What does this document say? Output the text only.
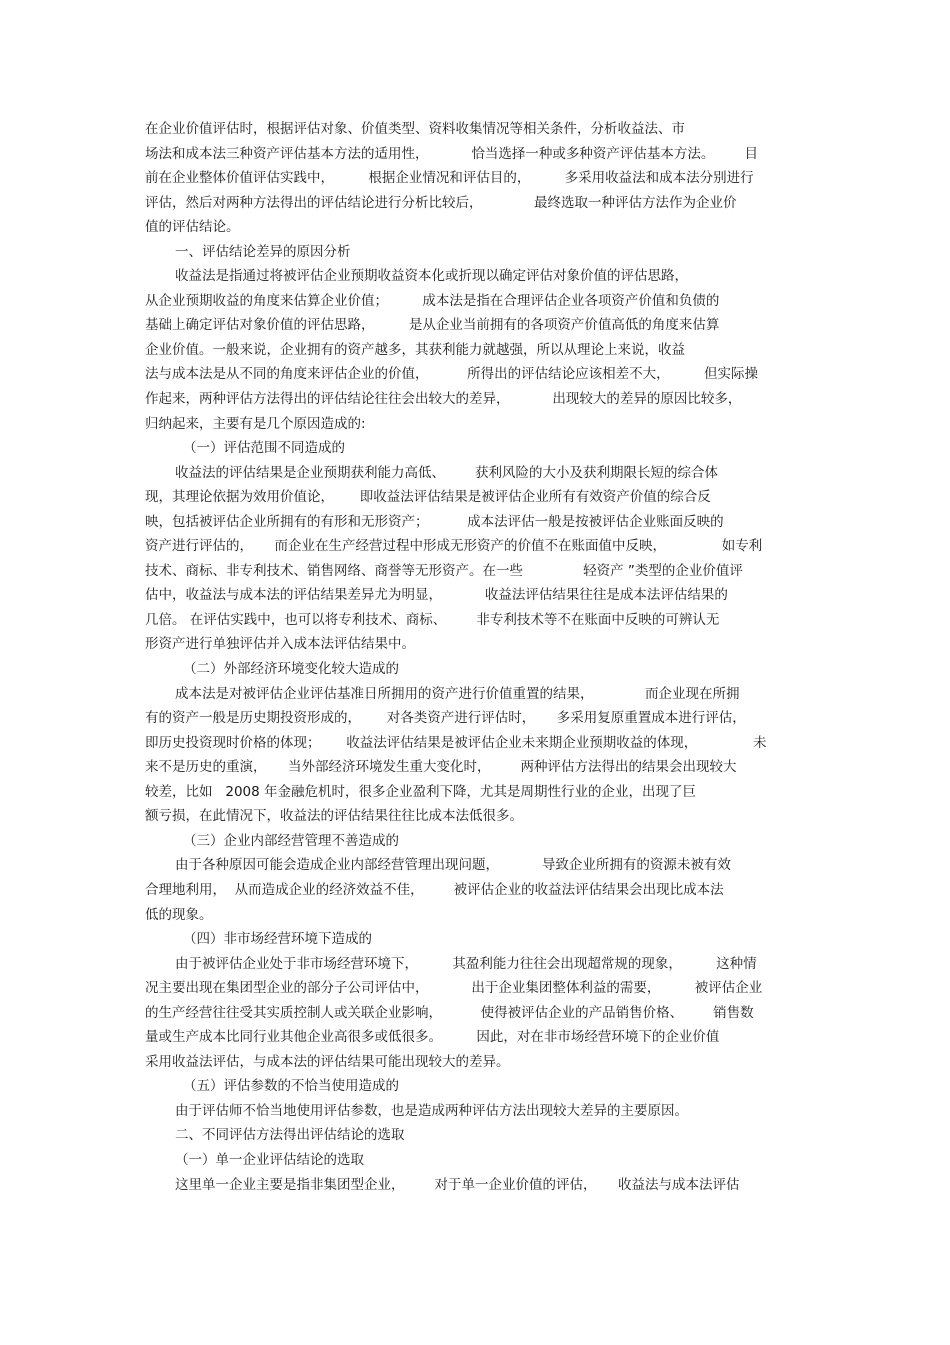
在企业价值评估时，根据评估对象、价值类型、资料收集情况等相关条件，分析收益法、市
场法和成本法三种资产评估基本方法的适用性，          恰当选择一种或多种资产评估基本方法。       目
前在企业整体价值评估实践中，        根据企业情况和评估目的，        多采用收益法和成本法分别进行
评估，然后对两种方法得出的评估结论进行分析比较后，            最终选取一种评估方法作为企业价
值的评估结论。
一、评估结论差异的原因分析
收益法是指通过将被评估企业预期收益资本化或折现以确定评估对象价值的评估思路，
从企业预期收益的角度来估算企业价值；        成本法是指在合理评估企业各项资产价值和负债的
基础上确定评估对象价值的评估思路，        是从企业当前拥有的各项资产价值高低的角度来估算
企业价值。一般来说，企业拥有的资产越多，其获利能力就越强，所以从理论上来说，收益
法与成本法是从不同的角度来评估企业的价值，         所得出的评估结论应该相差不大，        但实际操
作起来，两种评估方法得出的评估结论往往会出较大的差异，          出现较大的差异的原因比较多，
归纳起来，主要有是几个原因造成的:
（一）评估范围不同造成的
收益法的评估结果是企业预期获利能力高低、       获利风险的大小及获利期限长短的综合体
现，其理论依据为效用价值论，      即收益法评估结果是被评估企业所有有效资产价值的综合反
映，包括被评估企业所拥有的有形和无形资产；         成本法评估一般是按被评估企业账面反映的
资产进行评估的，     而企业在生产经营过程中形成无形资产的价值不在账面值中反映，             如专利
技术、商标、非专利技术、销售网络、商誉等无形资产。在一些              轻资产 ”类型的企业价值评
估中，收益法与成本法的评估结果差异尤为明显，          收益法评估结果往往是成本法评估结果的
几倍。 在评估实践中，也可以将专利技术、商标、       非专利技术等不在账面中反映的可辨认无
形资产进行单独评估并入成本法评估结果中。
（二）外部经济环境变化较大造成的
成本法是对被评估企业评估基准日所拥用的资产进行价值重置的结果，            而企业现在所拥
有的资产一般是历史期投资形成的，      对各类资产进行评估时，     多采用复原重置成本进行评估，
即历史投资现时价格的体现；      收益法评估结果是被评估企业未来期企业预期收益的体现，             未
来不是历史的重演，     当外部经济环境发生重大变化时，       两种评估方法得出的结果会出现较大
较差，比如   2008 年金融危机时，很多企业盈利下降，尤其是周期性行业的企业，出现了巨
额亏损，在此情况下，收益法的评估结果往往比成本法低很多。
（三）企业内部经营管理不善造成的
由于各种原因可能会造成企业内部经营管理出现问题，          导致企业所拥有的资源未被有效
合理地利用，  从而造成企业的经济效益不佳，       被评估企业的收益法评估结果会出现比成本法
低的现象。
（四）非市场经营环境下造成的
由于被评估企业处于非市场经营环境下，        其盈利能力往往会出现超常规的现象，        这种情
况主要出现在集团型企业的部分子公司评估中，          出于企业集团整体利益的需要，        被评估企业
的生产经营往往受其实质控制人或关联企业影响，         使得被评估企业的产品销售价格、       销售数
量或生产成本比同行业其他企业高很多或低很多。        因此，对在非市场经营环境下的企业价值
采用收益法评估，与成本法的评估结果可能出现较大的差异。
（五）评估参数的不恰当使用造成的
由于评估师不恰当地使用评估参数，也是造成两种评估方法出现较大差异的主要原因。
二、不同评估方法得出评估结论的选取
（一）单一企业评估结论的选取
这里单一企业主要是指非集团型企业，       对于单一企业价值的评估，     收益法与成本法评估
